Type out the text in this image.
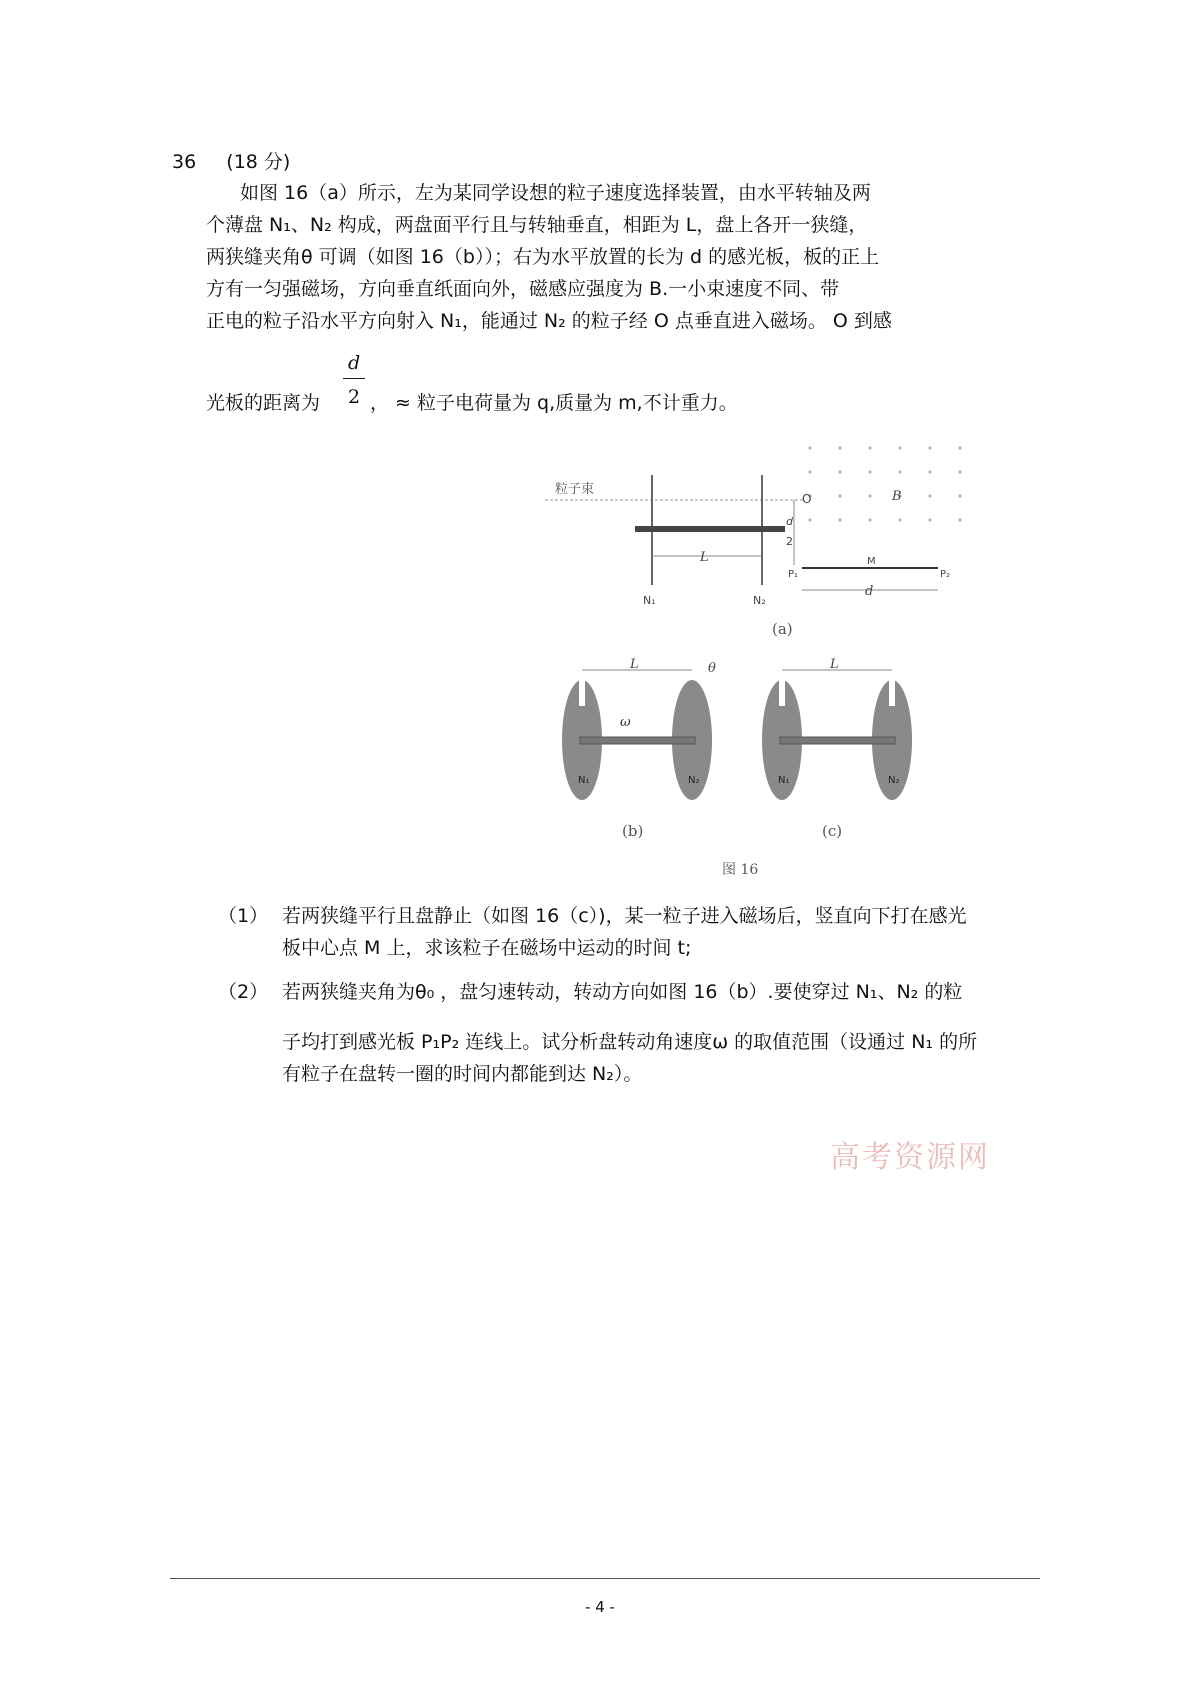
36 (18 分)
如图 16（a）所示，左为某同学设想的粒子速度选择装置，由水平转轴及两
个薄盘 N₁、N₂ 构成，两盘面平行且与转轴垂直，相距为 L，盘上各开一狭缝，
两狭缝夹角θ 可调（如图 16（b））；右为水平放置的长为 d 的感光板，板的正上
方有一匀强磁场，方向垂直纸面向外，磁感应强度为 B.一小束速度不同、带
正电的粒子沿水平方向射入 N₁，能通过 N₂ 的粒子经 O 点垂直进入磁场。 O 到感
光板的距离为
d
2 ， ≈ 粒子电荷量为 q,质量为 m,不计重力。
粒子束
L
N₁	N₂
O	B
d
2
P₁	P₂
M
d
(a)
L
ω
θ
N₁	N₂
(b)
L
N₁	N₂
(c)
图 16
（1） 若两狭缝平行且盘静止（如图 16（c）)，某一粒子进入磁场后，竖直向下打在感光
板中心点 M 上，求该粒子在磁场中运动的时间 t;
（2） 若两狭缝夹角为θ₀ ，盘匀速转动，转动方向如图 16（b）.要使穿过 N₁、N₂ 的粒
子均打到感光板 P₁P₂ 连线上。试分析盘转动角速度ω 的取值范围（设通过 N₁ 的所
有粒子在盘转一圈的时间内都能到达 N₂）。
高考资源网
- 4 -
